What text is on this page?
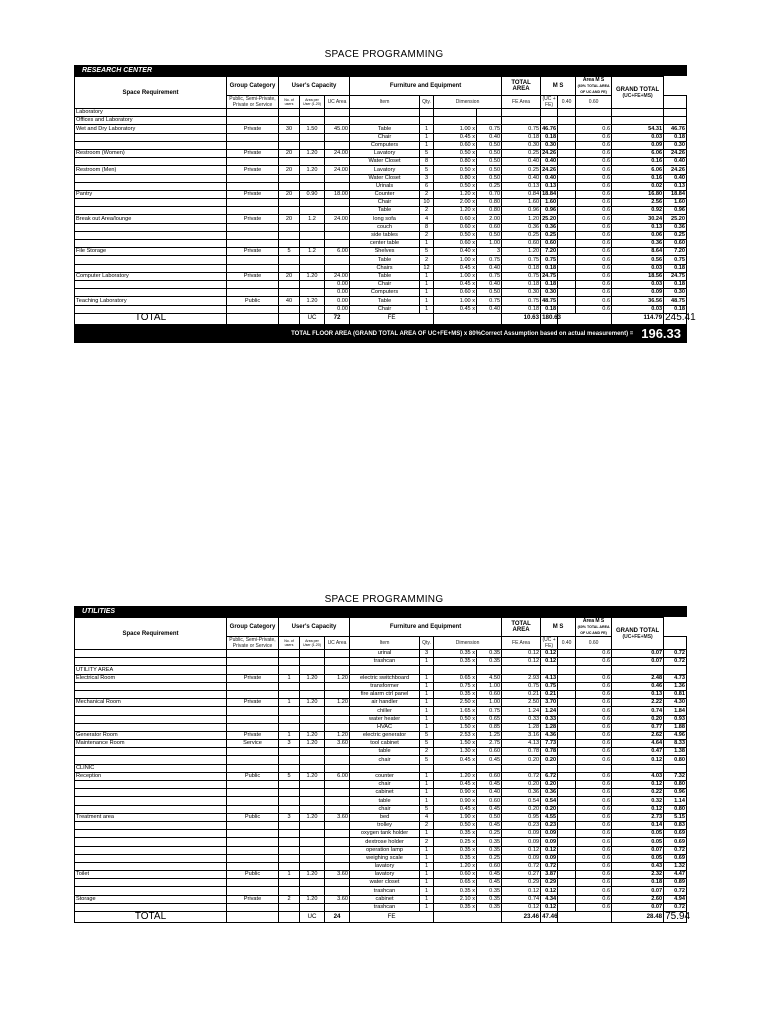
SPACE PROGRAMMING
RESEARCH CENTER
Space Requirement	Group Category	User's Capacity			Furniture and Equipment				TOTAL AREA	M S		Area M S
(60% TOTAL AREA OF UC AND FE)	GRAND TOTAL
(UC+FE+MS)	
	Public, Semi-Private, Private or Service	No. of users	Area per User (1.20)	UC Area	Item	Qty.	Dimension		FE Area	(UC + FE)	0.40	0.60		
Laboratory														
Offices and Laboratory														
Wet and Dry Laboratory	Private	30	1.50	45.00	Table	1	1.00 x	0.75	0.75	46.76		0.6	54.31	46.76
					Chair	1	0.45 x	0.40	0.18	0.18		0.6	0.03	0.18
					Computers	1	0.60 x	0.50	0.30	0.30		0.6	0.09	0.30
Restroom (Women)	Private	20	1.20	24.00	Lavatory	5	0.50 x	0.50	0.25	24.26		0.6	6.06	24.26
					Water Closet	8	0.80 x	0.50	0.40	0.40		0.6	0.16	0.40
Restroom (Men)	Private	20	1.20	24.00	Lavatory	5	0.50 x	0.50	0.25	24.26		0.6	6.06	24.26
					Water Closet	3	0.80 x	0.50	0.40	0.40		0.6	0.16	0.40
					Urinals	6	0.50 x	0.25	0.13	0.13		0.6	0.02	0.13
Pantry	Private	20	0.90	18.00	Counter	2	1.20 x	0.70	0.84	18.84		0.6	16.80	18.84
					Chair	10	2.00 x	0.80	1.60	1.60		0.6	2.56	1.60
					Table	2	1.20 x	0.80	0.96	0.96		0.6	0.92	0.96
Break out Area/lounge	Private	20	1.2	24.00	long sofa	4	0.60 x	2.00	1.20	25.20		0.6	30.24	25.20
					couch	8	0.60 x	0.60	0.36	0.36		0.6	0.13	0.36
					side tables	2	0.50 x	0.50	0.25	0.25		0.6	0.06	0.25
					center table	1	0.60 x	1.00	0.60	0.60		0.6	0.36	0.60
File Storage	Private	5	1.2	6.00	Shelves	5	0.40 x	3	1.20	7.20		0.6	8.64	7.20
					Table	2	1.00 x	0.75	0.75	0.75		0.6	0.56	0.75
					Chairs	12	0.45 x	0.40	0.18	0.18		0.6	0.03	0.18
Computer Laboratory	Private	20	1.20	24.00	Table	1	1.00 x	0.75	0.75	24.75		0.6	18.56	24.75
				0.00	Chair	1	0.45 x	0.40	0.18	0.18		0.6	0.03	0.18
				0.00	Computers	1	0.60 x	0.50	0.30	0.30		0.6	0.09	0.30
Teaching Laboratory	Public	40	1.20	0.00	Table	1	1.00 x	0.75	0.75	48.75		0.6	36.56	48.75
				0.00	Chair	1	0.45 x	0.40	0.18	0.18		0.6	0.03	0.18
TOTAL			UC	72	FE				10.63	180.63			114.79	245.41
TOTAL FLOOR AREA (GRAND TOTAL AREA OF UC+FE+MS) x 80%Correct Assumption based on actual measurement) = 196.33
SPACE PROGRAMMING
UTILITIES
Space Requirement	Group Category	User's Capacity			Furniture and Equipment				TOTAL AREA	M S		Area M S
(60% TOTAL AREA OF UC AND FE)	GRAND TOTAL
(UC+FE+MS)	
	Public, Semi-Private, Private or Service	No. of users	Area per User (1.20)	UC Area	Item	Qty.	Dimension		FE Area	(UC + FE)	0.40	0.60		
					urinal	3	0.35 x	0.35	0.12	0.12		0.6	0.07	0.72
					trashcan	1	0.35 x	0.35	0.12	0.12		0.6	0.07	0.72
UTILITY AREA														
Electrical Room	Private	1	1.20	1.20	electric switchboard	1	0.65 x	4.50	2.93	4.13		0.6	2.48	4.73
					transformer	1	0.75 x	1.00	0.75	0.75		0.6	0.46	1.36
					fire alarm ctrl panel	1	0.35 x	0.60	0.21	0.21		0.6	0.13	0.81
Mechanical Room	Private	1	1.20	1.20	air handler	1	2.50 x	1.00	2.50	3.70		0.6	2.22	4.30
					chiller	1	1.65 x	0.75	1.24	1.24		0.6	0.74	1.84
					water heater	1	0.50 x	0.65	0.33	0.33		0.6	0.20	0.93
					HVAC	1	1.50 x	0.85	1.28	1.28		0.6	0.77	1.88
Generator Room	Private	1	1.20	1.20	electric generator	5	2.53 x	1.25	3.16	4.36		0.6	2.62	4.96
Maintenance Room	Service	3	1.20	3.60	tool cabinet	5	1.50 x	2.75	4.13	7.73		0.6	4.64	8.33
					table	2	1.30 x	0.60	0.78	0.78		0.6	0.47	1.38
					chair	5	0.45 x	0.45	0.20	0.20		0.6	0.12	0.80
CLINIC														
Reception	Public	5	1.20	6.00	counter	1	1.20 x	0.60	0.72	6.72		0.6	4.03	7.32
					chair	1	0.45 x	0.45	0.20	0.20		0.6	0.12	0.80
					cabinet	1	0.90 x	0.40	0.36	0.36		0.6	0.22	0.96
					table	1	0.90 x	0.60	0.54	0.54		0.6	0.32	1.14
					chair	5	0.45 x	0.45	0.20	0.20		0.6	0.12	0.80
Treatment area	Public	3	1.20	3.60	bed	4	1.90 x	0.50	0.95	4.55		0.6	2.73	5.15
					trolley	2	0.50 x	0.45	0.23	0.23		0.6	0.14	0.83
					oxygen tank holder	1	0.35 x	0.25	0.09	0.09		0.6	0.05	0.69
					dextrose holder	2	0.25 x	0.35	0.09	0.09		0.6	0.05	0.69
					operation lamp	1	0.35 x	0.35	0.12	0.12		0.6	0.07	0.72
					weighing scale	1	0.35 x	0.25	0.09	0.09		0.6	0.05	0.69
					lavatory	1	1.20 x	0.60	0.72	0.72		0.6	0.43	1.32
Toilet	Public	1	1.20	3.60	lavatory	1	0.60 x	0.45	0.27	3.87		0.6	2.32	4.47
					water closet	1	0.65 x	0.45	0.29	0.29		0.6	0.18	0.89
					trashcan	1	0.35 x	0.35	0.12	0.12		0.6	0.07	0.72
Storage	Private	2	1.20	3.60	cabinet	1	2.10 x	0.35	0.74	4.34		0.6	2.60	4.94
					trashcan	1	0.35 x	0.35	0.12	0.12		0.6	0.07	0.72
TOTAL			UC	24	FE				23.46	47.46			28.48	75.94
